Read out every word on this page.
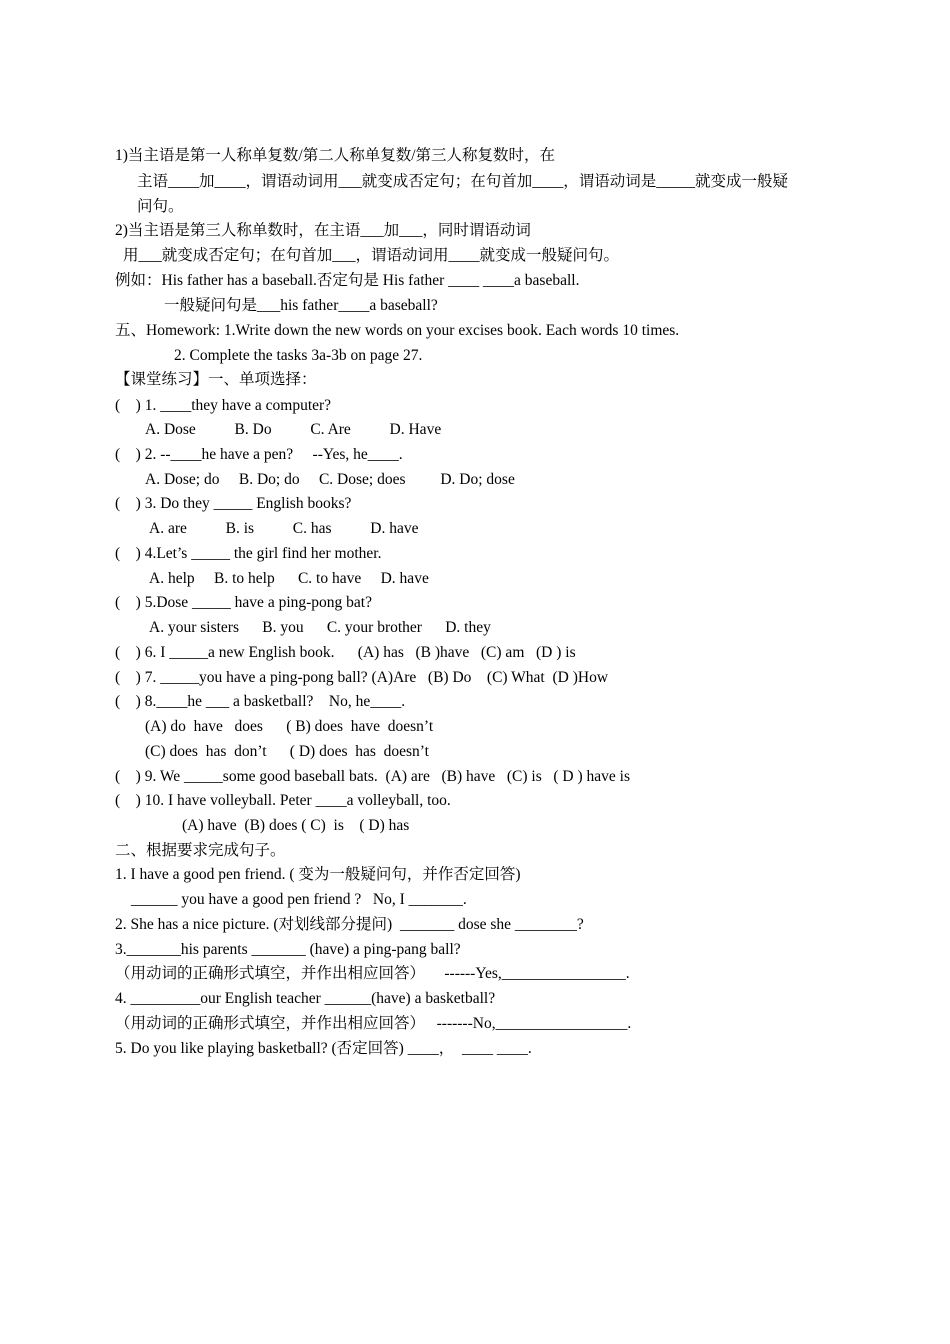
1)当主语是第一人称单复数/第二人称单复数/第三人称复数时，在
主语____加____，谓语动词用___就变成否定句；在句首加____，谓语动词是_____就变成一般疑
问句。
2)当主语是第三人称单数时，在主语___加___，同时谓语动词
用___就变成否定句；在句首加___，谓语动词用____就变成一般疑问句。
例如：His father has a baseball.否定句是 His father ____ ____a baseball.
一般疑问句是___his father____a baseball?
五、Homework: 1.Write down the new words on your excises book. Each words 10 times.
2. Complete the tasks 3a-3b on page 27.
【课堂练习】一、单项选择：
(    ) 1. ____they have a computer?
A. Dose          B. Do          C. Are          D. Have
(    ) 2. --____he have a pen?     --Yes, he____.
A. Dose; do     B. Do; do     C. Dose; does         D. Do; dose
(    ) 3. Do they _____ English books?
A. are          B. is          C. has          D. have
(    ) 4.Let’s _____ the girl find her mother.
A. help     B. to help      C. to have     D. have
(    ) 5.Dose _____ have a ping-pong bat?
A. your sisters      B. you      C. your brother      D. they
(    ) 6. I _____a new English book.      (A) has   (B )have   (C) am   (D ) is
(    ) 7. _____you have a ping-pong ball? (A)Are   (B) Do    (C) What  (D )How
(    ) 8.____he ___ a basketball?    No, he____.
(A) do  have   does      ( B) does  have  doesn’t
(C) does  has  don’t      ( D) does  has  doesn’t
(    ) 9. We _____some good baseball bats.  (A) are   (B) have   (C) is   ( D ) have is
(    ) 10. I have volleyball. Peter ____a volleyball, too.
(A) have  (B) does ( C)  is    ( D) has
二、根据要求完成句子。
1. I have a good pen friend. ( 变为一般疑问句，并作否定回答)
______ you have a good pen friend ?   No, I _______.
2. She has a nice picture. (对划线部分提问)  _______ dose she ________?
3._______his parents _______ (have) a ping-pang ball?
（用动词的正确形式填空，并作出相应回答）     ------Yes,________________.
4. _________our English teacher ______(have) a basketball?
（用动词的正确形式填空，并作出相应回答）   -------No,_________________.
5. Do you like playing basketball? (否定回答) ____，  ____ ____.
